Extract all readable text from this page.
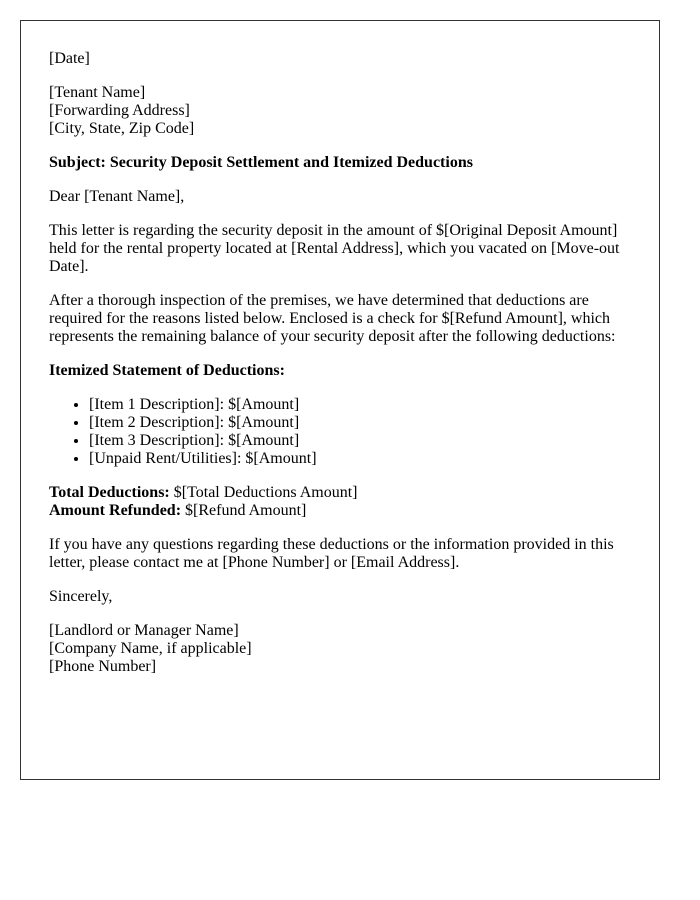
[Date]

[Tenant Name]
[Forwarding Address]
[City, State, Zip Code]

Subject: Security Deposit Settlement and Itemized Deductions

Dear [Tenant Name],

This letter is regarding the security deposit in the amount of $[Original Deposit Amount] held for the rental property located at [Rental Address], which you vacated on [Move-out Date].

After a thorough inspection of the premises, we have determined that deductions are required for the reasons listed below. Enclosed is a check for $[Refund Amount], which represents the remaining balance of your security deposit after the following deductions:

Itemized Statement of Deductions:

• [Item 1 Description]: $[Amount]
• [Item 2 Description]: $[Amount]
• [Item 3 Description]: $[Amount]
• [Unpaid Rent/Utilities]: $[Amount]

Total Deductions: $[Total Deductions Amount]
Amount Refunded: $[Refund Amount]

If you have any questions regarding these deductions or the information provided in this letter, please contact me at [Phone Number] or [Email Address].

Sincerely,

[Landlord or Manager Name]
[Company Name, if applicable]
[Phone Number]
